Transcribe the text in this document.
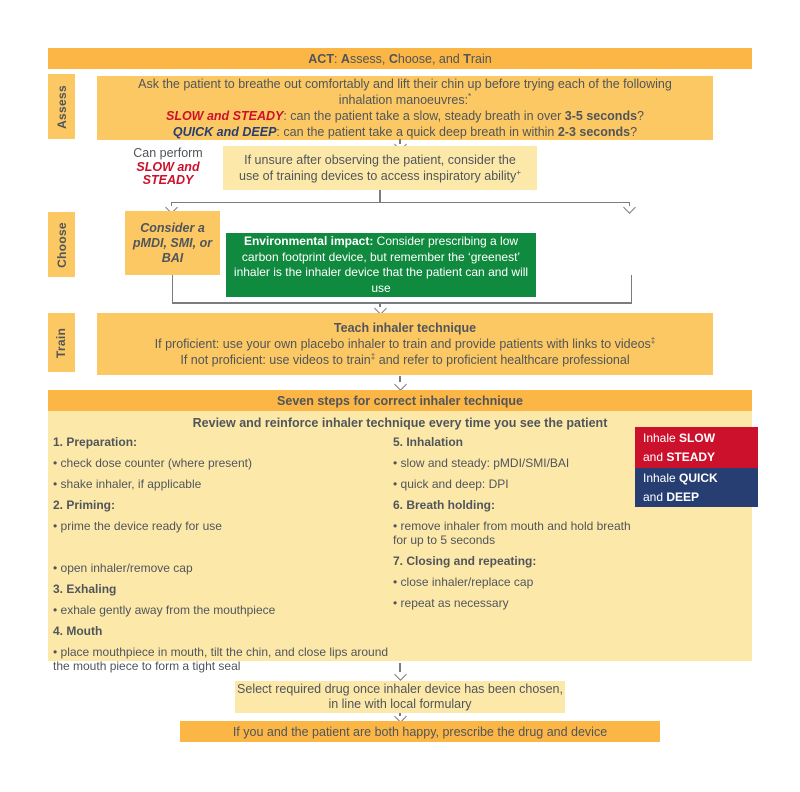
ACT: Assess, Choose, and Train
Assess
Ask the patient to breathe out comfortably and lift their chin up before trying each of the following inhalation manoeuvres:*
SLOW and STEADY: can the patient take a slow, steady breath in over 3-5 seconds?
QUICK and DEEP: can the patient take a quick deep breath in within 2-3 seconds?
Can perform
SLOW and
STEADY
If unsure after observing the patient, consider the use of training devices to access inspiratory ability+
Choose	Consider a pMDI, SMI, or BAI
Environmental impact: Consider prescribing a low carbon footprint device, but remember the ‘greenest’ inhaler is the inhaler device that the patient can and will use
Train	Teach inhaler technique
If proficient: use your own placebo inhaler to train and provide patients with links to videos‡
If not proficient: use videos to train‡ and refer to proficient healthcare professional
Seven steps for correct inhaler technique
Review and reinforce inhaler technique every time you see the patient
1. Preparation:
• check dose counter (where present)
• shake inhaler, if applicable
2. Priming:
• prime the device ready for use
• open inhaler/remove cap
3. Exhaling
• exhale gently away from the mouthpiece
4. Mouth
• place mouthpiece in mouth, tilt the chin, and close lips around the mouth piece to form a tight seal
5. Inhalation
• slow and steady: pMDI/SMI/BAI
• quick and deep: DPI
6. Breath holding:
• remove inhaler from mouth and hold breath for up to 5 seconds
7. Closing and repeating:
• close inhaler/replace cap
• repeat as necessary
Inhale SLOW
and STEADY
Inhale QUICK
and DEEP
Select required drug once inhaler device has been chosen, in line with local formulary
If you and the patient are both happy, prescribe the drug and device
